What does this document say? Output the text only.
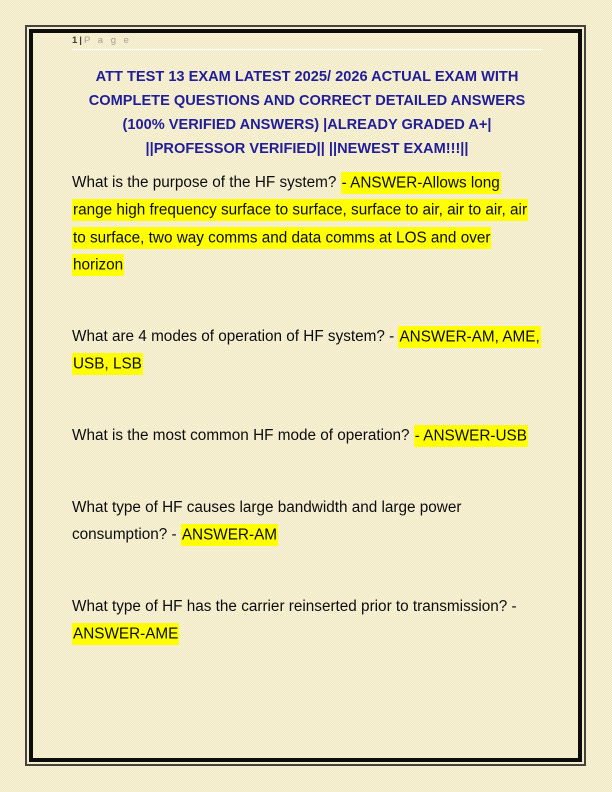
1 | P a g e
ATT TEST 13 EXAM LATEST 2025/ 2026 ACTUAL EXAM WITH COMPLETE QUESTIONS AND CORRECT DETAILED ANSWERS (100% VERIFIED ANSWERS) |ALREADY GRADED A+| ||PROFESSOR VERIFIED|| ||NEWEST EXAM!!!||

What is the purpose of the HF system? - ANSWER-Allows long range high frequency surface to surface, surface to air, air to air, air to surface, two way comms and data comms at LOS and over horizon

What are 4 modes of operation of HF system? - ANSWER-AM, AME, USB, LSB

What is the most common HF mode of operation? - ANSWER-USB

What type of HF causes large bandwidth and large power consumption? - ANSWER-AM

What type of HF has the carrier reinserted prior to transmission? - ANSWER-AME
